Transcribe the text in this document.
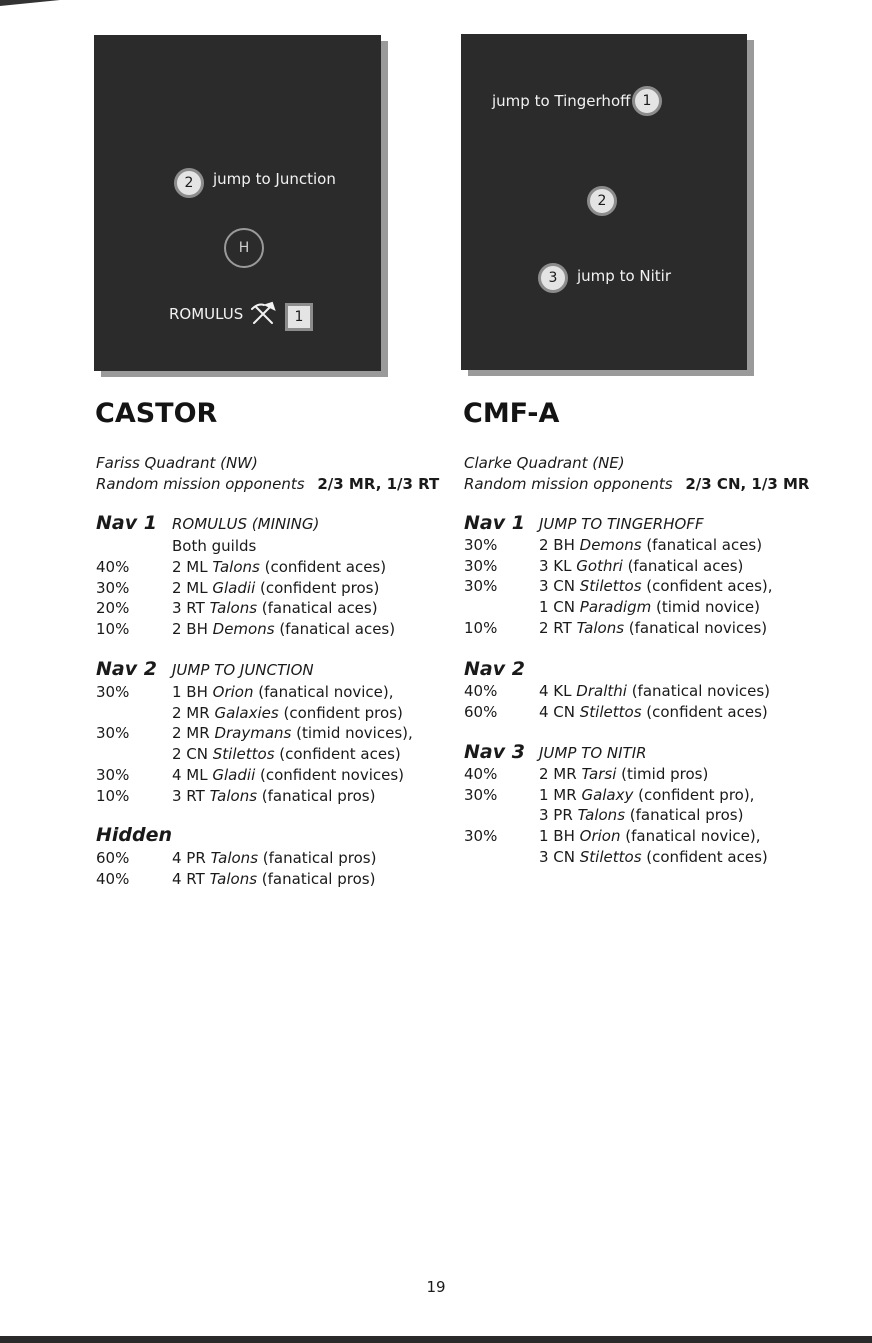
2	jump to Junction
H
ROMULUS	1
jump to Tingerhoff 1
2
3	jump to Nitir
CASTOR
Fariss Quadrant (NW)
Random mission opponents 2/3 MR, 1/3 RT
Nav 1 ROMULUS (MINING)
Both guilds
40%	2 ML Talons (confident aces)
30%	2 ML Gladii (confident pros)
20%	3 RT Talons (fanatical aces)
10%	2 BH Demons (fanatical aces)
Nav 2 JUMP TO JUNCTION
30%	1 BH Orion (fanatical novice),
2 MR Galaxies (confident pros)
30%	2 MR Draymans (timid novices),
2 CN Stilettos (confident aces)
30%	4 ML Gladii (confident novices)
10%	3 RT Talons (fanatical pros)
Hidden
60%	4 PR Talons (fanatical pros)
40%	4 RT Talons (fanatical pros)
CMF-A
Clarke Quadrant (NE)
Random mission opponents 2/3 CN, 1/3 MR
Nav 1 JUMP TO TINGERHOFF
30%	2 BH Demons (fanatical aces)
30%	3 KL Gothri (fanatical aces)
30%	3 CN Stilettos (confident aces),
1 CN Paradigm (timid novice)
10%	2 RT Talons (fanatical novices)
Nav 2
40%	4 KL Dralthi (fanatical novices)
60%	4 CN Stilettos (confident aces)
Nav 3 JUMP TO NITIR
40%	2 MR Tarsi (timid pros)
30%	1 MR Galaxy (confident pro),
3 PR Talons (fanatical pros)
30%	1 BH Orion (fanatical novice),
3 CN Stilettos (confident aces)
19
